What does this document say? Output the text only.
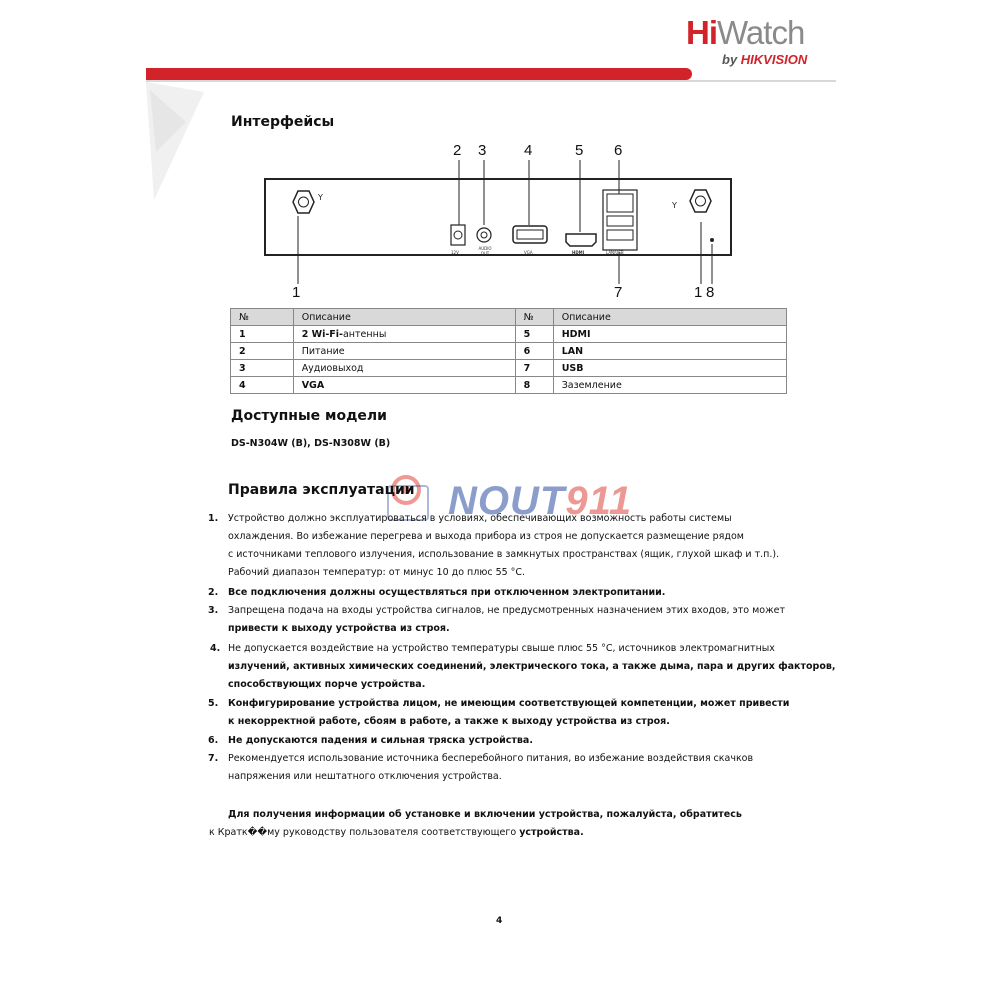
HiWatch
by HIKVISION
Интерфейсы
2 3	4	5 6
1	7	1 8
Y
Y
12V
AUDIO OUT	VGA	HDMI	LAN/USB
№	Описание	№	Описание
1	2 Wi-Fi-антенны	5	HDMI
2	Питание	6	LAN
3	Аудиовыход	7	USB
4	VGA	8	Заземление
Доступные модели
DS-N304W (B), DS-N308W (B)
NOUT911
Правила эксплуатации
1. Устройство должно эксплуатироваться в условиях, обеспечивающих возможность работы системы
охлаждения. Во избежание перегрева и выхода прибора из строя не допускается размещение рядом
с источниками теплового излучения, использование в замкнутых пространствах (ящик, глухой шкаф и т.п.).
Рабочий диапазон температур: от минус 10 до плюс 55 °C.
2. Все подключения должны осуществляться при отключенном электропитании.
3. Запрещена подача на входы устройства сигналов, не предусмотренных назначением этих входов, это может
привести к выходу устройства из строя.
4. Не допускается воздействие на устройство температуры свыше плюс 55 °C, источников электромагнитных
излучений, активных химических соединений, электрического тока, а также дыма, пара и других факторов,
способствующих порче устройства.
5. Конфигурирование устройства лицом, не имеющим соответствующей компетенции, может привести
к некорректной работе, сбоям в работе, а также к выходу устройства из строя.
6. Не допускаются падения и сильная тряска устройства.
7. Рекомендуется использование источника бесперебойного питания, во избежание воздействия скачков
напряжения или нештатного отключения устройства.
Для получения информации об установке и включении устройства, пожалуйста, обратитесь
к Кратк��му руководству пользователя соответствующего устройства.
4
